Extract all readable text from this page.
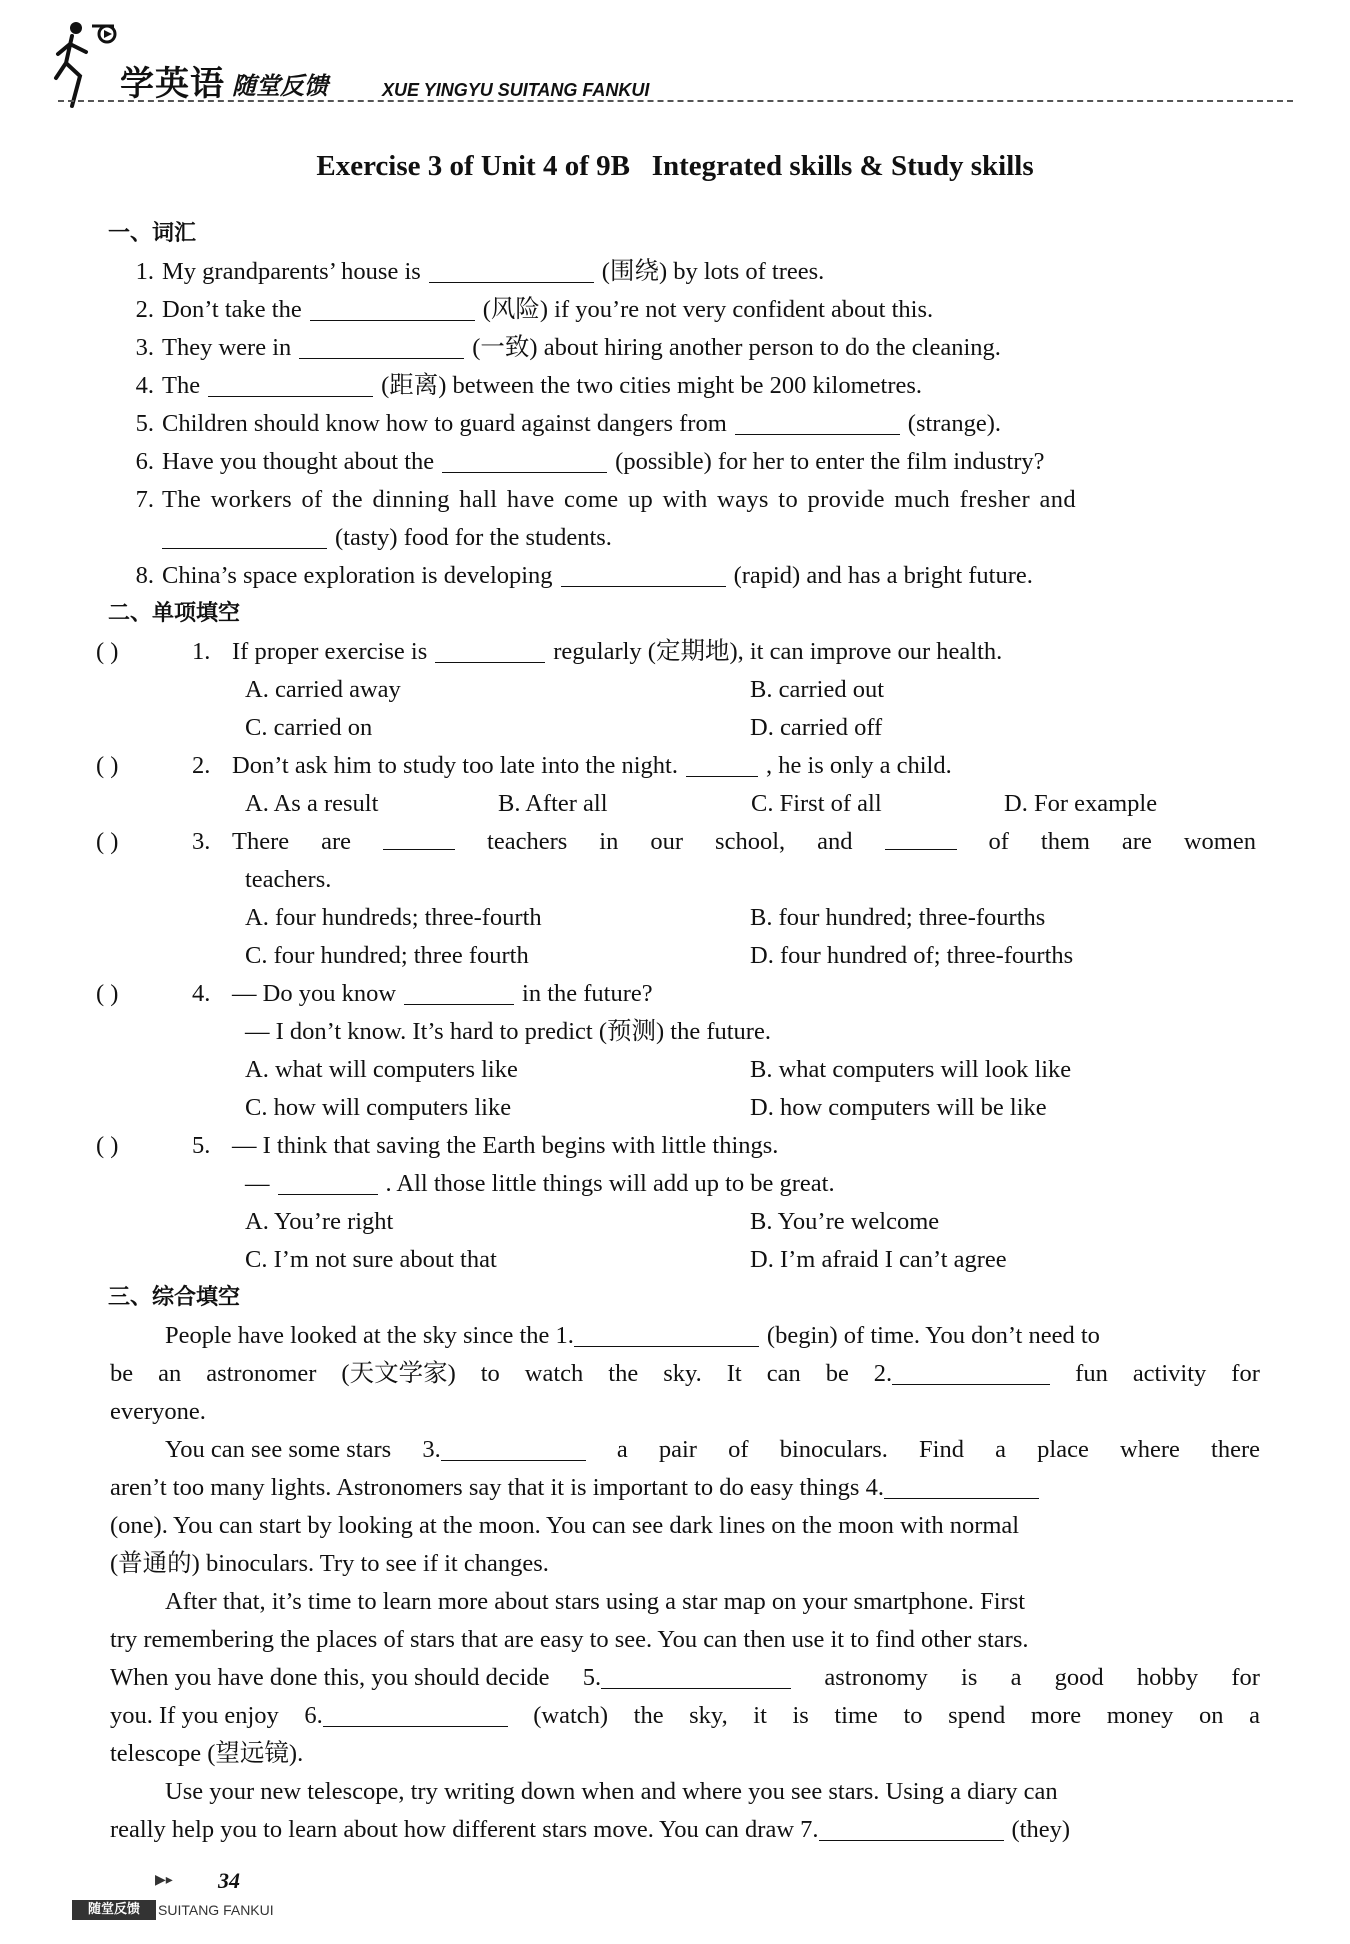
学英语 随堂反馈	XUE YINGYU SUITANG FANKUI
Exercise 3 of Unit 4 of 9B   Integrated skills & Study skills
一、词汇
1. My grandparents’ house is	(围绕) by lots of trees.
2. Don’t take the	(风险) if you’re not very confident about this.
3. They were in	(一致) about hiring another person to do the cleaning.
4. The	(距离) between the two cities might be 200 kilometres.
5. Children should know how to guard against dangers from	(strange).
6. Have you thought about the	(possible) for her to enter the film industry?
7. The workers of the dinning hall have come up with ways to provide much fresher and
(tasty) food for the students.
8. China’s space exploration is developing	(rapid) and has a bright future.
二、单项填空
( )	1. If proper exercise is	regularly (定期地), it can improve our health.
A. carried away	B. carried out
C. carried on	D. carried off
( )	2. Don’t ask him to study too late into the night.	, he is only a child.
A. As a result	B. After all	C. First of all	D. For example
( )	3. There are	teachers in our school, and	of them are women
teachers.
A. four hundreds; three-fourth	B. four hundred; three-fourths
C. four hundred; three fourth	D. four hundred of; three-fourths
( )	4. — Do you know	in the future?
— I don’t know. It’s hard to predict (预测) the future.
A. what will computers like	B. what computers will look like
C. how will computers like	D. how computers will be like
( )	5. — I think that saving the Earth begins with little things.
—	. All those little things will add up to be great.
A. You’re right	B. You’re welcome
C. I’m not sure about that	D. I’m afraid I can’t agree
三、综合填空
People have looked at the sky since the 1.	(begin) of time. You don’t need to
be an astronomer (天文学家) to watch the sky. It can be 2.	fun activity for
everyone.
You can see some stars 3.	a pair of binoculars. Find a place where there
aren’t too many lights. Astronomers say that it is important to do easy things 4.
(one). You can start by looking at the moon. You can see dark lines on the moon with normal
(普通的) binoculars. Try to see if it changes.
After that, it’s time to learn more about stars using a star map on your smartphone. First
try remembering the places of stars that are easy to see. You can then use it to find other stars.
When you have done this, you should decide 5.	astronomy is a good hobby for
you. If you enjoy 6.	(watch) the sky, it is time to spend more money on a
telescope (望远镜).
Use your new telescope, try writing down when and where you see stars. Using a diary can
really help you to learn about how different stars move. You can draw 7.	(they)
▶▸ 34
随堂反馈	SUITANG FANKUI
